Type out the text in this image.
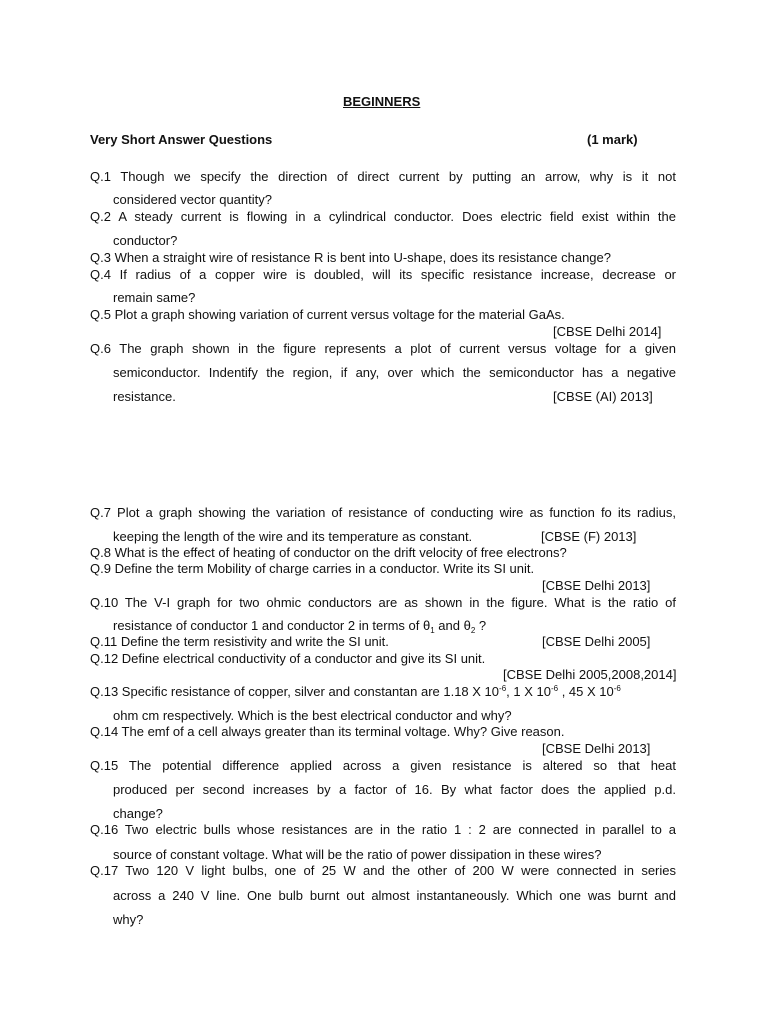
BEGINNERS
Very Short Answer Questions	(1 mark)
Q.1 Though we specify the direction of direct current by putting an arrow, why is it not
considered vector quantity?
Q.2 A steady current is flowing in a cylindrical conductor. Does electric field exist within the
conductor?
Q.3 When a straight wire of resistance R is bent into U-shape, does its resistance change?
Q.4 If radius of a copper wire is doubled, will its specific resistance increase, decrease or
remain same?
Q.5 Plot a graph showing variation of current versus voltage for the material GaAs.
[CBSE Delhi 2014]
Q.6 The graph shown in the figure represents a plot of current versus voltage for a given
semiconductor. Indentify the region, if any, over which the semiconductor has a negative
resistance.	[CBSE (AI) 2013]
Q.7 Plot a graph showing the variation of resistance of conducting wire as function fo its radius,
keeping the length of the wire and its temperature as constant.	[CBSE (F) 2013]
Q.8 What is the effect of heating of conductor on the drift velocity of free electrons?
Q.9 Define the term Mobility of charge carries in a conductor. Write its SI unit.
[CBSE Delhi 2013]
Q.10 The V-I graph for two ohmic conductors are as shown in the figure. What is the ratio of
resistance of conductor 1 and conductor 2 in terms of $\theta_1$ and $\theta_2$ ?
Q.11 Define the term resistivity and write the SI unit.	[CBSE Delhi 2005]
Q.12 Define electrical conductivity of a conductor and give its SI unit.
[CBSE Delhi 2005,2008,2014]
Q.13 Specific resistance of copper, silver and constantan are 1.18 X $10^{-6}$, 1 X $10^{-6}$ , 45 X $10^{-6}$
ohm cm respectively. Which is the best electrical conductor and why?
Q.14 The emf of a cell always greater than its terminal voltage. Why? Give reason.
[CBSE Delhi 2013]
Q.15 The potential difference applied across a given resistance is altered so that heat
produced per second increases by a factor of 16. By what factor does the applied p.d.
change?
Q.16 Two electric bulls whose resistances are in the ratio 1 : 2 are connected in parallel to a
source of constant voltage. What will be the ratio of power dissipation in these wires?
Q.17 Two 120 V light bulbs, one of 25 W and the other of 200 W were connected in series
across a 240 V line. One bulb burnt out almost instantaneously. Which one was burnt and
why?
